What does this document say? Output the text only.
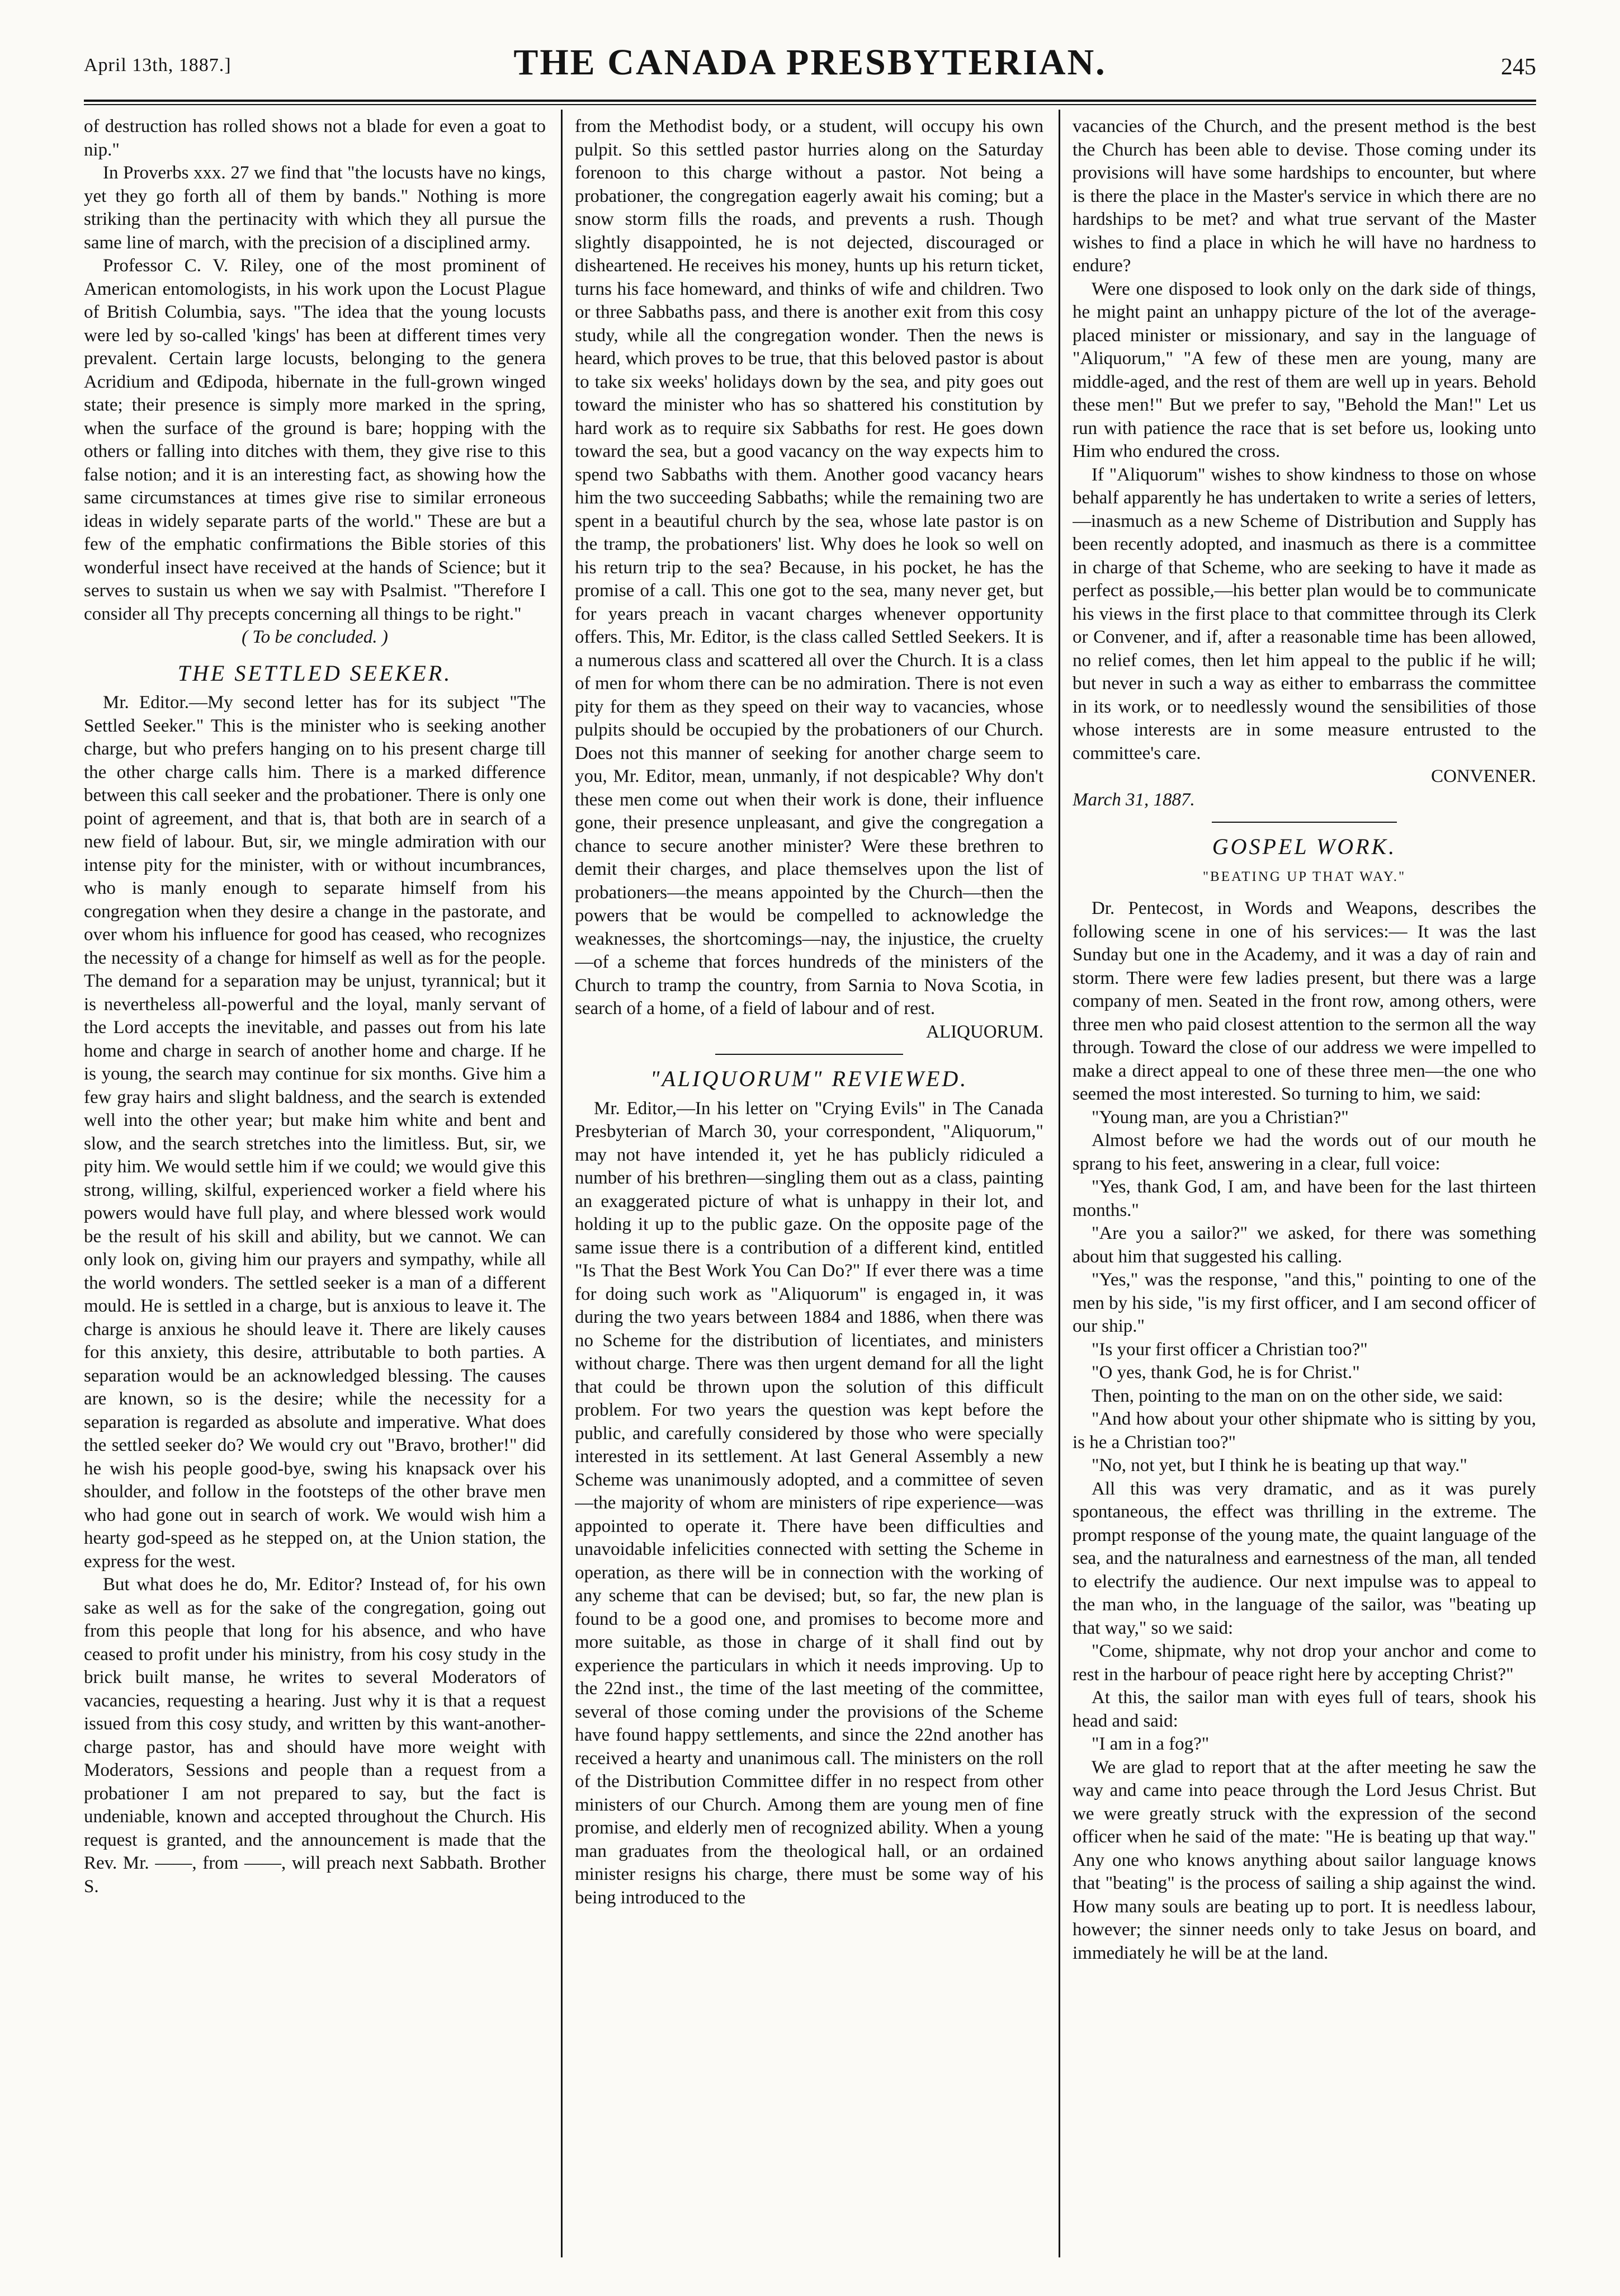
April 13th, 1887.]	THE CANADA PRESBYTERIAN.	245

of destruction has rolled shows not a blade for even a goat to nip."

In Proverbs xxx. 27 we find that "the locusts have no kings, yet they go forth all of them by bands." Nothing is more striking than the pertinacity with which they all pursue the same line of march, with the precision of a disciplined army.

Professor C. V. Riley, one of the most prominent of American entomologists, in his work upon the Locust Plague of British Columbia, says. "The idea that the young locusts were led by so-called 'kings' has been at different times very prevalent. Certain large locusts, belonging to the genera Acridium and Œdipoda, hibernate in the full-grown winged state; their presence is simply more marked in the spring, when the surface of the ground is bare; hopping with the others or falling into ditches with them, they give rise to this false notion; and it is an interesting fact, as showing how the same circumstances at times give rise to similar erroneous ideas in widely separate parts of the world." These are but a few of the emphatic confirmations the Bible stories of this wonderful insect have received at the hands of Science; but it serves to sustain us when we say with Psalmist. "Therefore I consider all Thy precepts concerning all things to be right."

( To be concluded. )

THE SETTLED SEEKER.

Mr. Editor.—My second letter has for its subject "The Settled Seeker." This is the minister who is seeking another charge, but who prefers hanging on to his present charge till the other charge calls him. There is a marked difference between this call seeker and the probationer. There is only one point of agreement, and that is, that both are in search of a new field of labour. But, sir, we mingle admiration with our intense pity for the minister, with or without incumbrances, who is manly enough to separate himself from his congregation when they desire a change in the pastorate, and over whom his influence for good has ceased, who recognizes the necessity of a change for himself as well as for the people. The demand for a separation may be unjust, tyrannical; but it is nevertheless all-powerful and the loyal, manly servant of the Lord accepts the inevitable, and passes out from his late home and charge in search of another home and charge. If he is young, the search may continue for six months. Give him a few gray hairs and slight baldness, and the search is extended well into the other year; but make him white and bent and slow, and the search stretches into the limitless. But, sir, we pity him. We would settle him if we could; we would give this strong, willing, skilful, experienced worker a field where his powers would have full play, and where blessed work would be the result of his skill and ability, but we cannot. We can only look on, giving him our prayers and sympathy, while all the world wonders. The settled seeker is a man of a different mould. He is settled in a charge, but is anxious to leave it. The charge is anxious he should leave it. There are likely causes for this anxiety, this desire, attributable to both parties. A separation would be an acknowledged blessing. The causes are known, so is the desire; while the necessity for a separation is regarded as absolute and imperative. What does the settled seeker do? We would cry out "Bravo, brother!" did he wish his people good-bye, swing his knapsack over his shoulder, and follow in the footsteps of the other brave men who had gone out in search of work. We would wish him a hearty god-speed as he stepped on, at the Union station, the express for the west.

But what does he do, Mr. Editor? Instead of, for his own sake as well as for the sake of the congregation, going out from this people that long for his absence, and who have ceased to profit under his ministry, from his cosy study in the brick built manse, he writes to several Moderators of vacancies, requesting a hearing. Just why it is that a request issued from this cosy study, and written by this want-another-charge pastor, has and should have more weight with Moderators, Sessions and people than a request from a probationer I am not prepared to say, but the fact is undeniable, known and accepted throughout the Church. His request is granted, and the announcement is made that the Rev. Mr. ——, from ——, will preach next Sabbath. Brother S.

from the Methodist body, or a student, will occupy his own pulpit. So this settled pastor hurries along on the Saturday forenoon to this charge without a pastor. Not being a probationer, the congregation eagerly await his coming; but a snow storm fills the roads, and prevents a rush. Though slightly disappointed, he is not dejected, discouraged or disheartened. He receives his money, hunts up his return ticket, turns his face homeward, and thinks of wife and children. Two or three Sabbaths pass, and there is another exit from this cosy study, while all the congregation wonder. Then the news is heard, which proves to be true, that this beloved pastor is about to take six weeks' holidays down by the sea, and pity goes out toward the minister who has so shattered his constitution by hard work as to require six Sabbaths for rest. He goes down toward the sea, but a good vacancy on the way expects him to spend two Sabbaths with them. Another good vacancy hears him the two succeeding Sabbaths; while the remaining two are spent in a beautiful church by the sea, whose late pastor is on the tramp, the probationers' list. Why does he look so well on his return trip to the sea? Because, in his pocket, he has the promise of a call. This one got to the sea, many never get, but for years preach in vacant charges whenever opportunity offers. This, Mr. Editor, is the class called Settled Seekers. It is a numerous class and scattered all over the Church. It is a class of men for whom there can be no admiration. There is not even pity for them as they speed on their way to vacancies, whose pulpits should be occupied by the probationers of our Church. Does not this manner of seeking for another charge seem to you, Mr. Editor, mean, unmanly, if not despicable? Why don't these men come out when their work is done, their influence gone, their presence unpleasant, and give the congregation a chance to secure another minister? Were these brethren to demit their charges, and place themselves upon the list of probationers—the means appointed by the Church—then the powers that be would be compelled to acknowledge the weaknesses, the shortcomings—nay, the injustice, the cruelty—of a scheme that forces hundreds of the ministers of the Church to tramp the country, from Sarnia to Nova Scotia, in search of a home, of a field of labour and of rest.

ALIQUORUM.

"ALIQUORUM" REVIEWED.

Mr. Editor,—In his letter on "Crying Evils" in The Canada Presbyterian of March 30, your correspondent, "Aliquorum," may not have intended it, yet he has publicly ridiculed a number of his brethren—singling them out as a class, painting an exaggerated picture of what is unhappy in their lot, and holding it up to the public gaze. On the opposite page of the same issue there is a contribution of a different kind, entitled "Is That the Best Work You Can Do?" If ever there was a time for doing such work as "Aliquorum" is engaged in, it was during the two years between 1884 and 1886, when there was no Scheme for the distribution of licentiates, and ministers without charge. There was then urgent demand for all the light that could be thrown upon the solution of this difficult problem. For two years the question was kept before the public, and carefully considered by those who were specially interested in its settlement. At last General Assembly a new Scheme was unanimously adopted, and a committee of seven —the majority of whom are ministers of ripe experience—was appointed to operate it. There have been difficulties and unavoidable infelicities connected with setting the Scheme in operation, as there will be in connection with the working of any scheme that can be devised; but, so far, the new plan is found to be a good one, and promises to become more and more suitable, as those in charge of it shall find out by experience the particulars in which it needs improving. Up to the 22nd inst., the time of the last meeting of the committee, several of those coming under the provisions of the Scheme have found happy settlements, and since the 22nd another has received a hearty and unanimous call. The ministers on the roll of the Distribution Committee differ in no respect from other ministers of our Church. Among them are young men of fine promise, and elderly men of recognized ability. When a young man graduates from the theological hall, or an ordained minister resigns his charge, there must be some way of his being introduced to the

vacancies of the Church, and the present method is the best the Church has been able to devise. Those coming under its provisions will have some hardships to encounter, but where is there the place in the Master's service in which there are no hardships to be met? and what true servant of the Master wishes to find a place in which he will have no hardness to endure?

Were one disposed to look only on the dark side of things, he might paint an unhappy picture of the lot of the average-placed minister or missionary, and say in the language of "Aliquorum," "A few of these men are young, many are middle-aged, and the rest of them are well up in years. Behold these men!" But we prefer to say, "Behold the Man!" Let us run with patience the race that is set before us, looking unto Him who endured the cross.

If "Aliquorum" wishes to show kindness to those on whose behalf apparently he has undertaken to write a series of letters, —inasmuch as a new Scheme of Distribution and Supply has been recently adopted, and inasmuch as there is a committee in charge of that Scheme, who are seeking to have it made as perfect as possible,—his better plan would be to communicate his views in the first place to that committee through its Clerk or Convener, and if, after a reasonable time has been allowed, no relief comes, then let him appeal to the public if he will; but never in such a way as either to embarrass the committee in its work, or to needlessly wound the sensibilities of those whose interests are in some measure entrusted to the committee's care.

CONVENER.

March 31, 1887.

GOSPEL WORK.
"BEATING UP THAT WAY."

Dr. Pentecost, in Words and Weapons, describes the following scene in one of his services:— It was the last Sunday but one in the Academy, and it was a day of rain and storm. There were few ladies present, but there was a large company of men. Seated in the front row, among others, were three men who paid closest attention to the sermon all the way through. Toward the close of our address we were impelled to make a direct appeal to one of these three men—the one who seemed the most interested. So turning to him, we said:

"Young man, are you a Christian?"

Almost before we had the words out of our mouth he sprang to his feet, answering in a clear, full voice:

"Yes, thank God, I am, and have been for the last thirteen months."

"Are you a sailor?" we asked, for there was something about him that suggested his calling.

"Yes," was the response, "and this," pointing to one of the men by his side, "is my first officer, and I am second officer of our ship."

"Is your first officer a Christian too?"

"O yes, thank God, he is for Christ."

Then, pointing to the man on on the other side, we said:

"And how about your other shipmate who is sitting by you, is he a Christian too?"

"No, not yet, but I think he is beating up that way."

All this was very dramatic, and as it was purely spontaneous, the effect was thrilling in the extreme. The prompt response of the young mate, the quaint language of the sea, and the naturalness and earnestness of the man, all tended to electrify the audience. Our next impulse was to appeal to the man who, in the language of the sailor, was "beating up that way," so we said:

"Come, shipmate, why not drop your anchor and come to rest in the harbour of peace right here by accepting Christ?"

At this, the sailor man with eyes full of tears, shook his head and said:

"I am in a fog?"

We are glad to report that at the after meeting he saw the way and came into peace through the Lord Jesus Christ. But we were greatly struck with the expression of the second officer when he said of the mate: "He is beating up that way." Any one who knows anything about sailor language knows that "beating" is the process of sailing a ship against the wind. How many souls are beating up to port. It is needless labour, however; the sinner needs only to take Jesus on board, and immediately he will be at the land.
